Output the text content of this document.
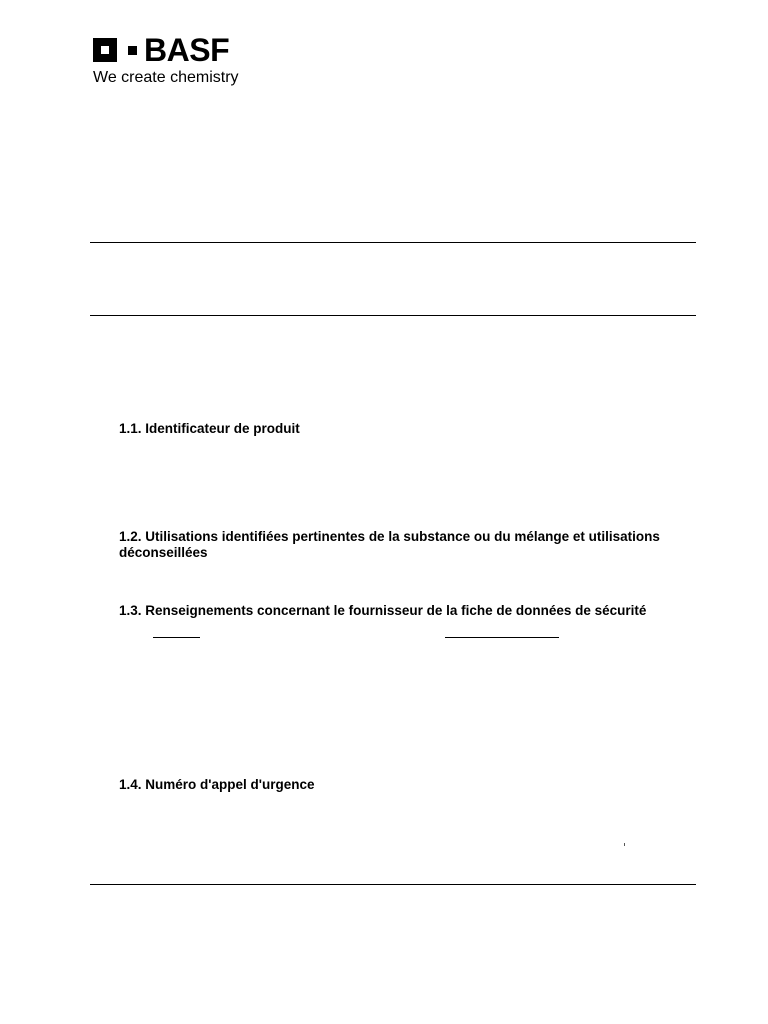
BASF
We create chemistry

1.1. Identificateur de produit

1.2. Utilisations identifiées pertinentes de la substance ou du mélange et utilisations déconseillées

1.3. Renseignements concernant le fournisseur de la fiche de données de sécurité

1.4. Numéro d'appel d'urgence
